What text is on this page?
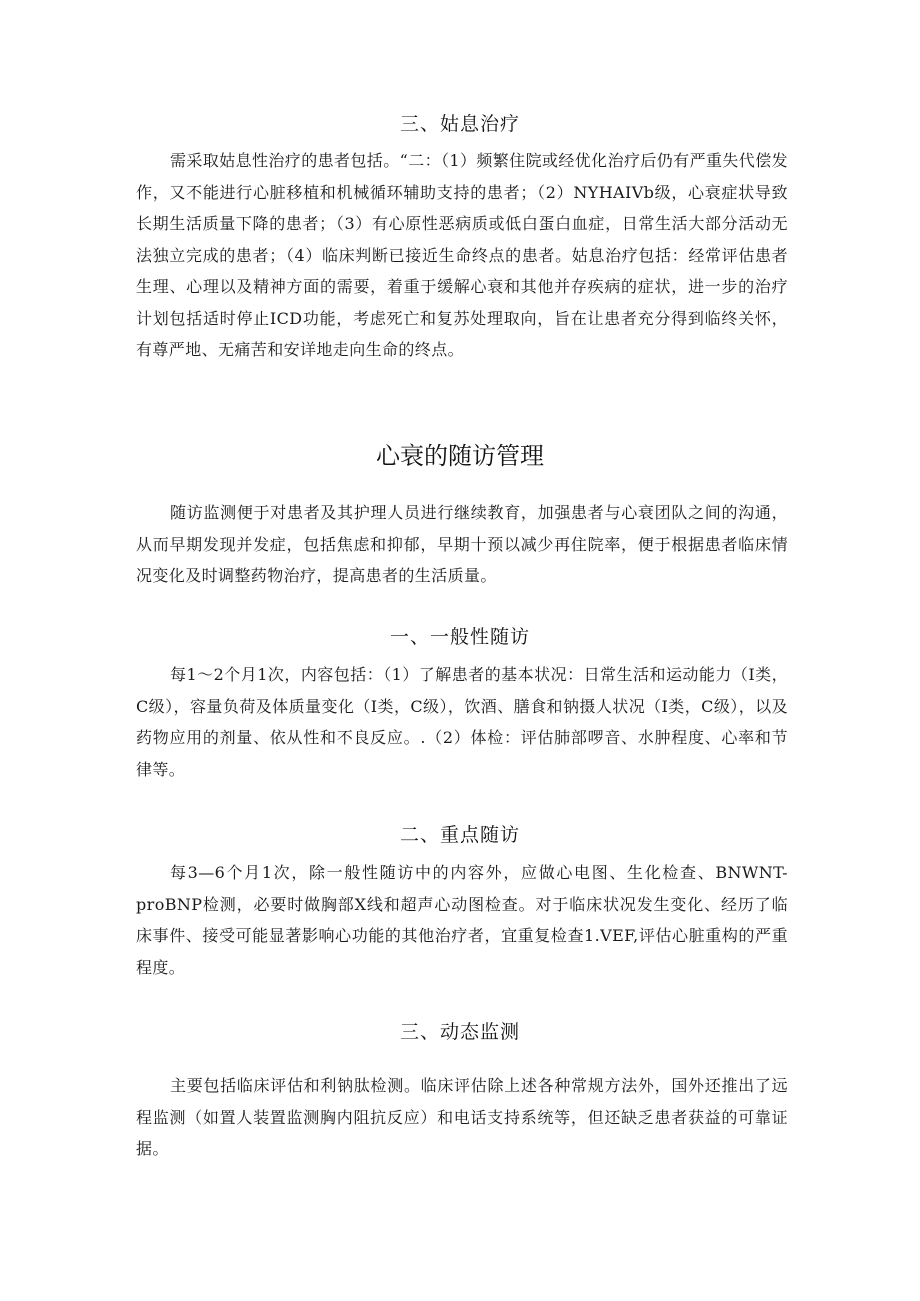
三、姑息治疗

需采取姑息性治疗的患者包括。“二：（1）频繁住院或经优化治疗后仍有严重失代偿发作，又不能进行心脏移植和机械循环辅助支持的患者；（2）NYHAIVb级，心衰症状导致长期生活质量下降的患者；（3）有心原性恶病质或低白蛋白血症，日常生活大部分活动无法独立完成的患者；（4）临床判断已接近生命终点的患者。姑息治疗包括：经常评估患者生理、心理以及精神方面的需要，着重于缓解心衰和其他并存疾病的症状，进一步的治疗计划包括适时停止ICD功能，考虑死亡和复苏处理取向，旨在让患者充分得到临终关怀，有尊严地、无痛苦和安详地走向生命的终点。

心衰的随访管理

随访监测便于对患者及其护理人员进行继续教育，加强患者与心衰团队之间的沟通，从而早期发现并发症，包括焦虑和抑郁，早期十预以减少再住院率，便于根据患者临床情况变化及时调整药物治疗，提高患者的生活质量。

一、一般性随访

每1～2个月1次，内容包括：（1）了解患者的基本状况：日常生活和运动能力（I类，C级），容量负荷及体质量变化（I类，C级），饮酒、膳食和钠摄人状况（I类，C级），以及药物应用的剂量、依从性和不良反应。.（2）体检：评估肺部啰音、水肿程度、心率和节律等。

二、重点随访

每3—6个月1次，除一般性随访中的内容外，应做心电图、生化检查、BNWNT-proBNP检测，必要时做胸部X线和超声心动图检查。对于临床状况发生变化、经历了临床事件、接受可能显著影响心功能的其他治疗者，宜重复检查1.VEF,评估心脏重构的严重程度。

三、动态监测

主要包括临床评估和利钠肽检测。临床评估除上述各种常规方法外，国外还推出了远程监测（如置人装置监测胸内阻抗反应）和电话支持系统等，但还缺乏患者获益的可靠证据。
